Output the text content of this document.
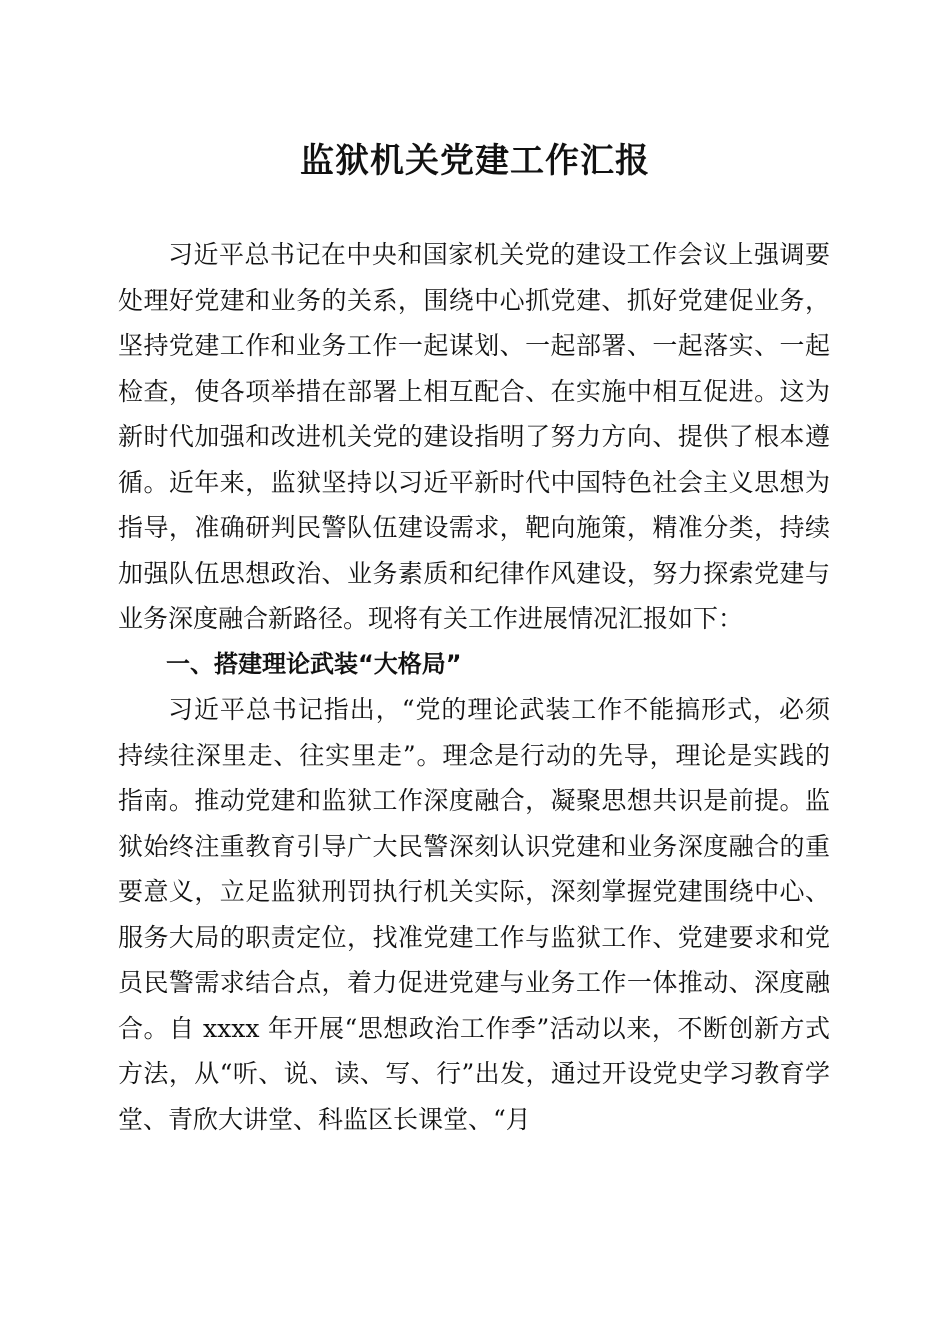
监狱机关党建工作汇报

习近平总书记在中央和国家机关党的建设工作会议上强调要处理好党建和业务的关系，围绕中心抓党建、抓好党建促业务，坚持党建工作和业务工作一起谋划、一起部署、一起落实、一起检查，使各项举措在部署上相互配合、在实施中相互促进。这为新时代加强和改进机关党的建设指明了努力方向、提供了根本遵循。近年来，监狱坚持以习近平新时代中国特色社会主义思想为指导，准确研判民警队伍建设需求，靶向施策，精准分类，持续加强队伍思想政治、业务素质和纪律作风建设，努力探索党建与业务深度融合新路径。现将有关工作进展情况汇报如下：

一、搭建理论武装“大格局”

习近平总书记指出，“党的理论武装工作不能搞形式，必须持续往深里走、往实里走”。理念是行动的先导，理论是实践的指南。推动党建和监狱工作深度融合，凝聚思想共识是前提。监狱始终注重教育引导广大民警深刻认识党建和业务深度融合的重要意义，立足监狱刑罚执行机关实际，深刻掌握党建围绕中心、服务大局的职责定位，找准党建工作与监狱工作、党建要求和党员民警需求结合点，着力促进党建与业务工作一体推动、深度融合。自 xxxx 年开展“思想政治工作季”活动以来，不断创新方式方法，从“听、说、读、写、行”出发，通过开设党史学习教育学堂、青欣大讲堂、科监区长课堂、“月
